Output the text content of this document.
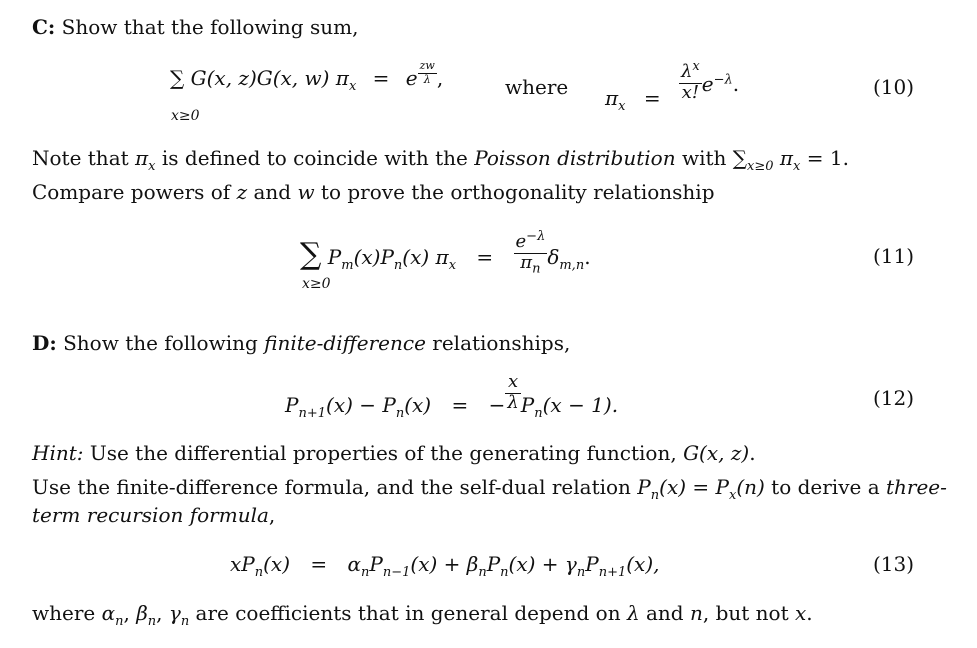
C: Show that the following sum,
∑ G(x, z)G(x, w) $\pi_x = e \frac{zw}{\lambda}$ ,
x≥0
where $\pi_x = \frac{\lambda^x}{x!} e^{-\lambda}$.	(10)
Note that $\pi_x$ is defined to coincide with the Poisson distribution with $\sum_{x\ge 0}$ $\pi_x = 1$.
Compare powers of z and w to prove the orthogonality relationship
∑ $P_m(x)P_n(x) \pi_x = \frac{e^{-\lambda}}{\pi_n} \delta_{m,n}$.
x≥0
(11)
D: Show the following finite-difference relationships,
$P_{n+1}(x) - P_n(x)$ = − $\frac{x}{\lambda} P_n(x - 1)$.	(12)
Hint: Use the differential properties of the generating function, G(x, z).
Use the finite-difference formula, and the self-dual relation $P_n(x) = P_x(n)$ to derive a three-
term recursion formula,
$xP_n(x) = \alpha_nP_{n-1}(x) + \beta_nP_n(x) + \gamma_nP_{n+1}(x)$,	(13)
where $\alpha_n$, $\beta_n$, $\gamma_n$ are coefficients that in general depend on λ and n, but not x.
